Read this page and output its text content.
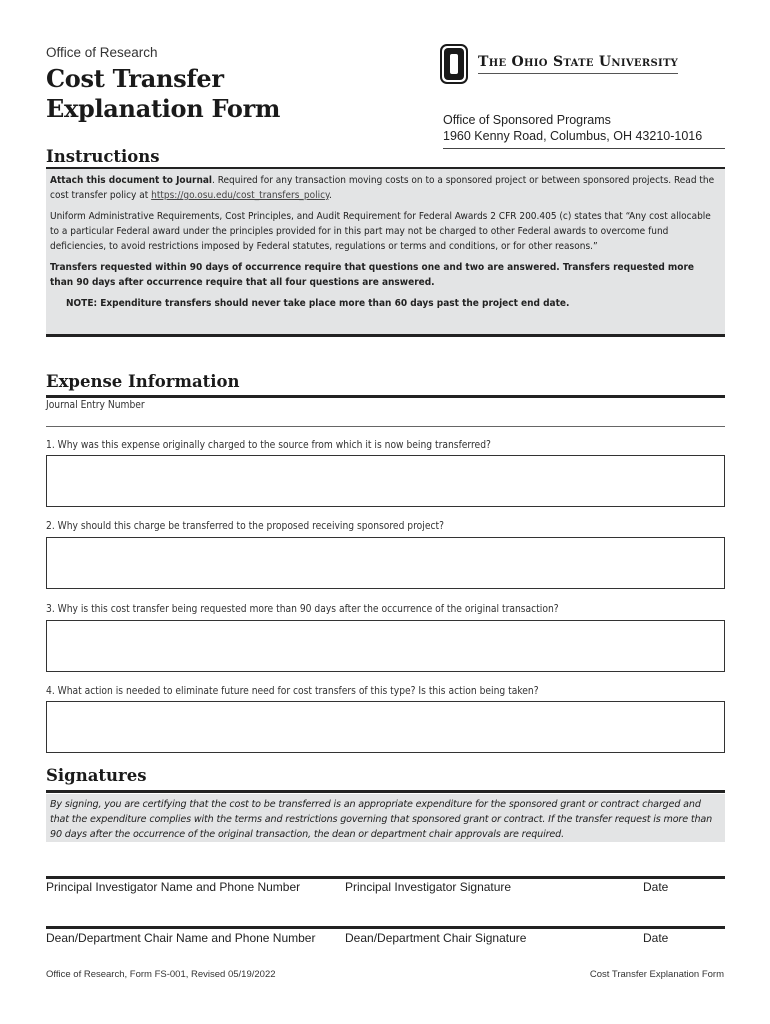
Office of Research
Cost Transfer
Explanation Form
The Ohio State University
Office of Sponsored Programs
1960 Kenny Road, Columbus, OH 43210-1016
Instructions

Attach this document to Journal. Required for any transaction moving costs on to a sponsored project or between sponsored projects. Read the cost transfer policy at https://go.osu.edu/cost_transfers_policy.

Uniform Administrative Requirements, Cost Principles, and Audit Requirement for Federal Awards 2 CFR 200.405 (c) states that “Any cost allocable to a particular Federal award under the principles provided for in this part may not be charged to other Federal awards to overcome fund deficiencies, to avoid restrictions imposed by Federal statutes, regulations or terms and conditions, or for other reasons.”

Transfers requested within 90 days of occurrence require that questions one and two are answered. Transfers requested more than 90 days after occurrence require that all four questions are answered.

NOTE: Expenditure transfers should never take place more than 60 days past the project end date.

Expense Information
Journal Entry Number
1. Why was this expense originally charged to the source from which it is now being transferred?
2. Why should this charge be transferred to the proposed receiving sponsored project?
3. Why is this cost transfer being requested more than 90 days after the occurrence of the original transaction?
4. What action is needed to eliminate future need for cost transfers of this type? Is this action being taken?
Signatures
By signing, you are certifying that the cost to be transferred is an appropriate expenditure for the sponsored grant or contract charged and that the expenditure complies with the terms and restrictions governing that sponsored grant or contract. If the transfer request is more than 90 days after the occurrence of the original transaction, the dean or department chair approvals are required.
Principal Investigator Name and Phone Number	Principal Investigator Signature	Date
Dean/Department Chair Name and Phone Number Dean/Department Chair Signature	Date
Office of Research, Form FS-001, Revised 05/19/2022	Cost Transfer Explanation Form
